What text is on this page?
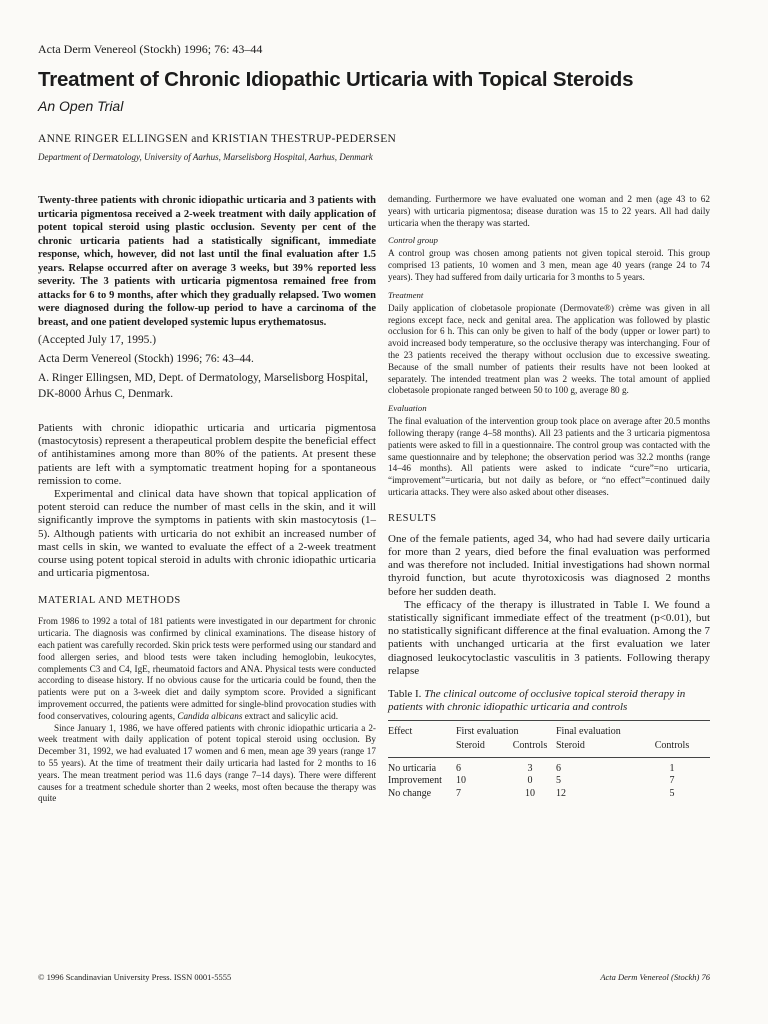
Acta Derm Venereol (Stockh) 1996; 76: 43–44
Treatment of Chronic Idiopathic Urticaria with Topical Steroids
An Open Trial
ANNE RINGER ELLINGSEN and KRISTIAN THESTRUP-PEDERSEN
Department of Dermatology, University of Aarhus, Marselisborg Hospital, Aarhus, Denmark

Twenty-three patients with chronic idiopathic urticaria and 3 patients with urticaria pigmentosa received a 2-week treatment with daily application of potent topical steroid using plastic occlusion. Seventy per cent of the chronic urticaria patients had a statistically significant, immediate response, which, however, did not last until the final evaluation after 1.5 years. Relapse occurred after on average 3 weeks, but 39% reported less severity. The 3 patients with urticaria pigmentosa remained free from attacks for 6 to 9 months, after which they gradually relapsed. Two women were diagnosed during the follow-up period to have a carcinoma of the breast, and one patient developed systemic lupus erythematosus.

(Accepted July 17, 1995.)

Acta Derm Venereol (Stockh) 1996; 76: 43–44.

A. Ringer Ellingsen, MD, Dept. of Dermatology, Marselisborg Hospital, DK-8000 Århus C, Denmark.

Patients with chronic idiopathic urticaria and urticaria pigmentosa (mastocytosis) represent a therapeutical problem despite the beneficial effect of antihistamines among more than 80% of the patients. At present these patients are left with a symptomatic treatment hoping for a spontaneous remission to come.

Experimental and clinical data have shown that topical application of potent steroid can reduce the number of mast cells in the skin, and it will significantly improve the symptoms in patients with skin mastocytosis (1–5). Although patients with urticaria do not exhibit an increased number of mast cells in skin, we wanted to evaluate the effect of a 2-week treatment course using potent topical steroid in adults with chronic idiopathic urticaria and urticaria pigmentosa.

MATERIAL AND METHODS

From 1986 to 1992 a total of 181 patients were investigated in our department for chronic urticaria. The diagnosis was confirmed by clinical examinations. The disease history of each patient was carefully recorded. Skin prick tests were performed using our standard and food allergen series, and blood tests were taken including hemoglobin, leukocytes, complements C3 and C4, IgE, rheumatoid factors and ANA. Physical tests were conducted according to disease history. If no obvious cause for the urticaria could be found, then the patients were put on a 3-week diet and daily symptom score. Provided a significant improvement occurred, the patients were admitted for single-blind provocation studies with food conservatives, colouring agents, Candida albicans extract and salicylic acid.

Since January 1, 1986, we have offered patients with chronic idiopathic urticaria a 2-week treatment with daily application of potent topical steroid using occlusion. By December 31, 1992, we had evaluated 17 women and 6 men, mean age 39 years (range 17 to 55 years). At the time of treatment their daily urticaria had lasted for 2 months to 16 years. The mean treatment period was 11.6 days (range 7–14 days). There were different causes for a treatment schedule shorter than 2 weeks, most often because the therapy was quite

demanding. Furthermore we have evaluated one woman and 2 men (age 43 to 62 years) with urticaria pigmentosa; disease duration was 15 to 22 years. All had daily urticaria when the therapy was started.

Control group

A control group was chosen among patients not given topical steroid. This group comprised 13 patients, 10 women and 3 men, mean age 40 years (range 24 to 74 years). They had suffered from daily urticaria for 3 months to 5 years.

Treatment

Daily application of clobetasole propionate (Dermovate®) crème was given in all regions except face, neck and genital area. The application was followed by plastic occlusion for 6 h. This can only be given to half of the body (upper or lower part) to avoid increased body temperature, so the occlusive therapy was interchanging. Four of the 23 patients received the therapy without occlusion due to excessive sweating. Because of the small number of patients their results have not been looked at separately. The intended treatment plan was 2 weeks. The total amount of applied clobetasole propionate ranged between 50 to 100 g, average 80 g.

Evaluation

The final evaluation of the intervention group took place on average after 20.5 months following therapy (range 4–58 months). All 23 patients and the 3 urticaria pigmentosa patients were asked to fill in a questionnaire. The control group was contacted with the same questionnaire and by telephone; the observation period was 32.2 months (range 14–46 months). All patients were asked to indicate “cure”=no urticaria, “improvement”=urticaria, but not daily as before, or “no effect”=continued daily urticaria attacks. They were also asked about other diseases.

RESULTS

One of the female patients, aged 34, who had had severe daily urticaria for more than 2 years, died before the final evaluation was performed and was therefore not included. Initial investigations had shown normal thyroid function, but acute thyrotoxicosis was diagnosed 2 months before her sudden death.

The efficacy of the therapy is illustrated in Table I. We found a statistically significant immediate effect of the treatment (p<0.01), but no statistically significant difference at the final evaluation. Among the 7 patients with unchanged urticaria at the first evaluation we later diagnosed leukocytoclastic vasculitis in 3 patients. Following therapy relapse

Table I. The clinical outcome of occlusive topical steroid therapy in patients with chronic idiopathic urticaria and controls

Effect	First evaluation		Final evaluation	
	Steroid	Controls	Steroid	Controls

No urticaria	6	3	6	1
Improvement	10	0	5	7
No change	7	10	12	5
© 1996 Scandinavian University Press. ISSN 0001-5555	Acta Derm Venereol (Stockh) 76
